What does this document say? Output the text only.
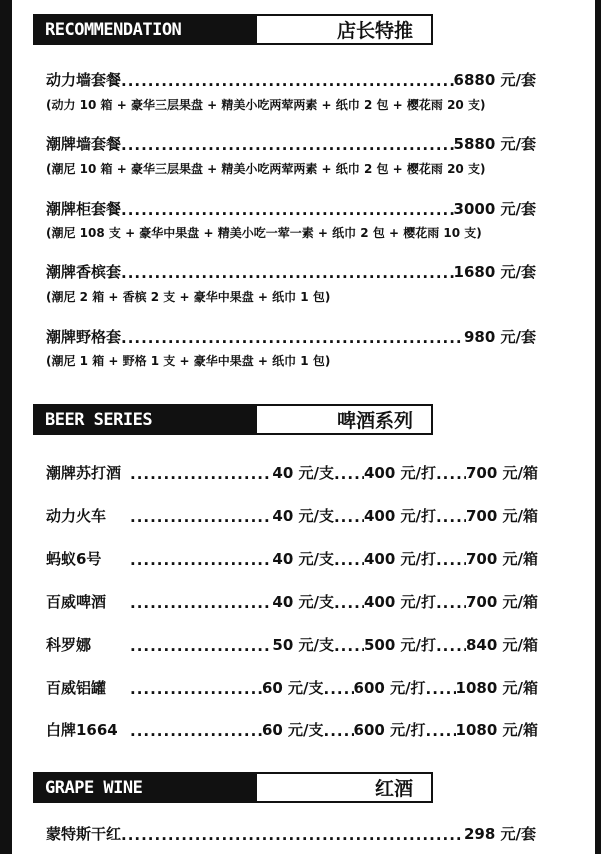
RECOMMENDATION	店长特推
动力墙套餐 .....	6880 元/套
(动力 10 箱 + 豪华三层果盘 + 精美小吃两荤两素 + 纸巾 2 包 + 樱花雨 20 支)
潮牌墙套餐 .....	5880 元/套
(潮尼 10 箱 + 豪华三层果盘 + 精美小吃两荤两素 + 纸巾 2 包 + 樱花雨 20 支)
潮牌柜套餐 .....	3000 元/套
(潮尼 108 支 + 豪华中果盘 + 精美小吃一荤一素 + 纸巾 2 包 + 樱花雨 10 支)
潮牌香槟套 .....	1680 元/套
(潮尼 2 箱 + 香槟 2 支 + 豪华中果盘 + 纸巾 1 包)
潮牌野格套 .....	980 元/套
(潮尼 1 箱 + 野格 1 支 + 豪华中果盘 + 纸巾 1 包)
BEER SERIES	啤酒系列
潮牌苏打酒 .....	40 元/支 ..... 400 元/打 ..... 700 元/箱
动力火车 .....	40 元/支 ..... 400 元/打 ..... 700 元/箱
蚂蚁6号 .....	40 元/支 ..... 400 元/打 ..... 700 元/箱
百威啤酒 .....	40 元/支 ..... 400 元/打 ..... 700 元/箱
科罗娜 .....	50 元/支 ..... 500 元/打 ..... 840 元/箱
百威铝罐 .....	60 元/支 ..... 600 元/打 ..... 1080 元/箱
白牌1664 .....	60 元/支 ..... 600 元/打 ..... 1080 元/箱
GRAPE WINE	红酒
蒙特斯干红 .....	298 元/套
